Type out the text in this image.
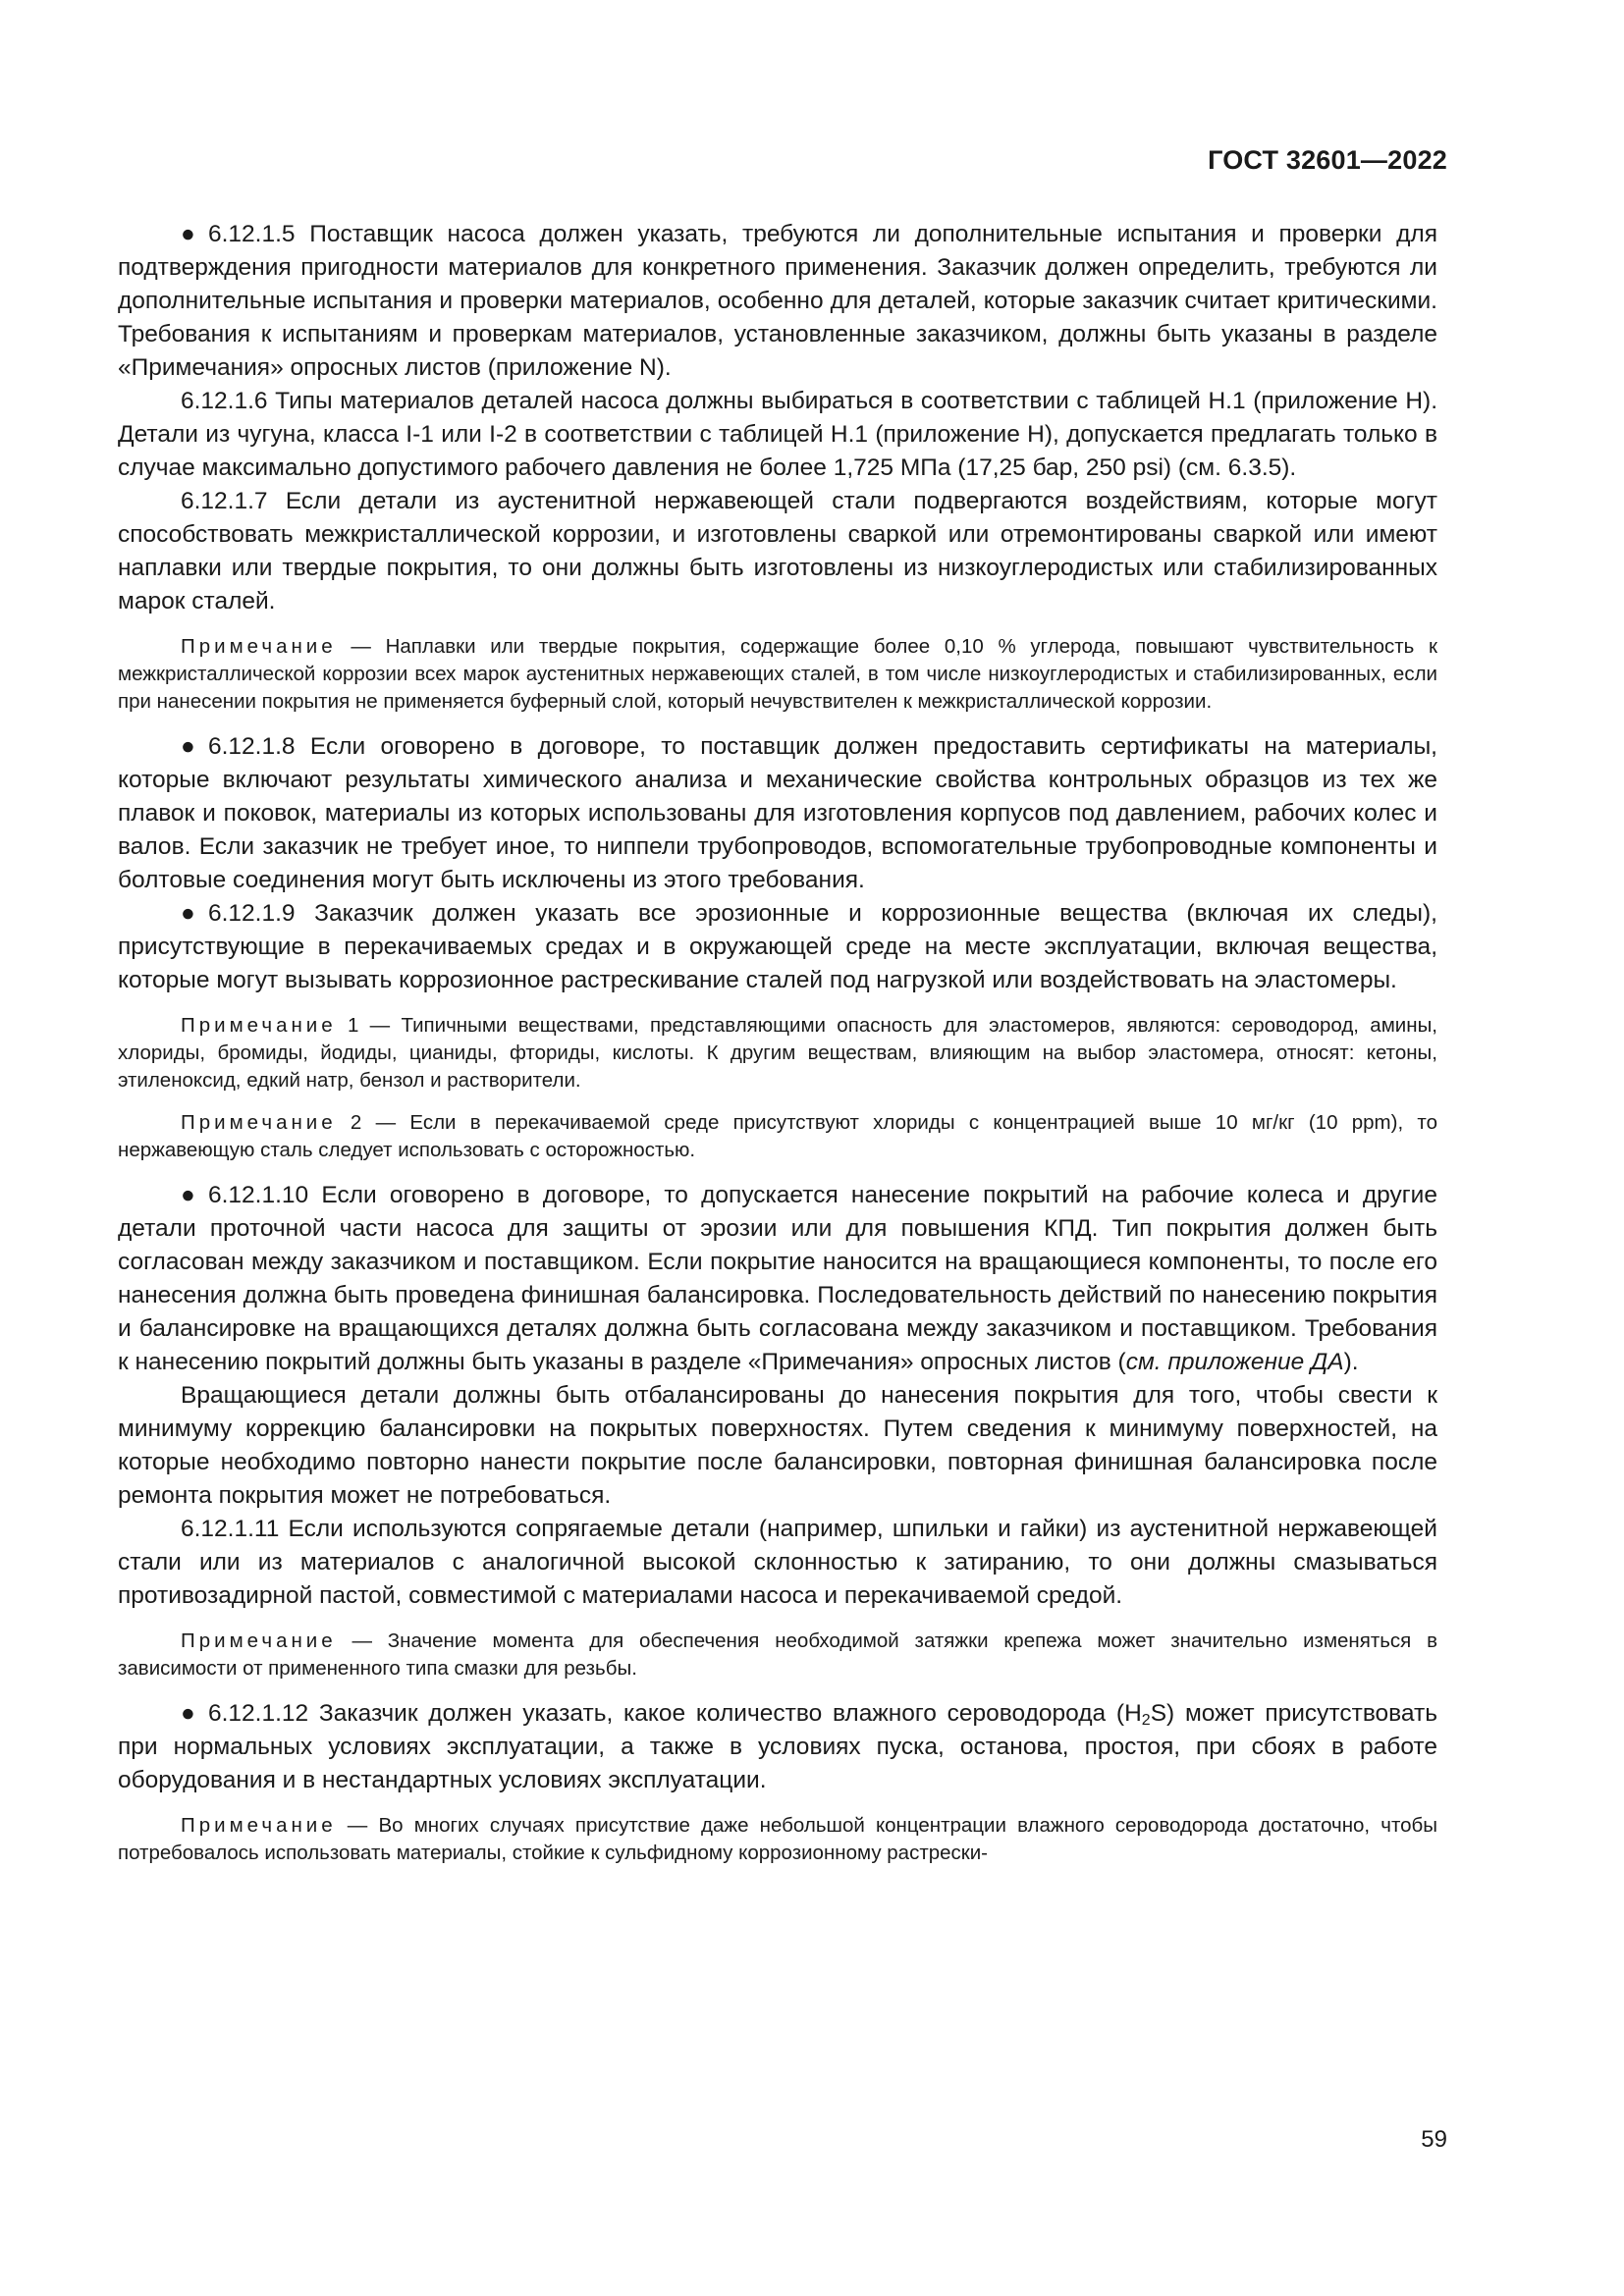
ГОСТ 32601—2022

● 6.12.1.5 Поставщик насоса должен указать, требуются ли дополнительные испытания и проверки для подтверждения пригодности материалов для конкретного применения. Заказчик должен определить, требуются ли дополнительные испытания и проверки материалов, особенно для деталей, которые заказчик считает критическими. Требования к испытаниям и проверкам материалов, установленные заказчиком, должны быть указаны в разделе «Примечания» опросных листов (приложение N).

6.12.1.6 Типы материалов деталей насоса должны выбираться в соответствии с таблицей Н.1 (приложение Н). Детали из чугуна, класса I-1 или I-2 в соответствии с таблицей Н.1 (приложение Н), допускается предлагать только в случае максимально допустимого рабочего давления не более 1,725 МПа (17,25 бар, 250 psi) (см. 6.3.5).

6.12.1.7 Если детали из аустенитной нержавеющей стали подвергаются воздействиям, которые могут способствовать межкристаллической коррозии, и изготовлены сваркой или отремонтированы сваркой или имеют наплавки или твердые покрытия, то они должны быть изготовлены из низкоуглеродистых или стабилизированных марок сталей.

Примечание — Наплавки или твердые покрытия, содержащие более 0,10 % углерода, повышают чувствительность к межкристаллической коррозии всех марок аустенитных нержавеющих сталей, в том числе низкоуглеродистых и стабилизированных, если при нанесении покрытия не применяется буферный слой, который нечувствителен к межкристаллической коррозии.

● 6.12.1.8 Если оговорено в договоре, то поставщик должен предоставить сертификаты на материалы, которые включают результаты химического анализа и механические свойства контрольных образцов из тех же плавок и поковок, материалы из которых использованы для изготовления корпусов под давлением, рабочих колес и валов. Если заказчик не требует иное, то ниппели трубопроводов, вспомогательные трубопроводные компоненты и болтовые соединения могут быть исключены из этого требования.

● 6.12.1.9 Заказчик должен указать все эрозионные и коррозионные вещества (включая их следы), присутствующие в перекачиваемых средах и в окружающей среде на месте эксплуатации, включая вещества, которые могут вызывать коррозионное растрескивание сталей под нагрузкой или воздействовать на эластомеры.

Примечание 1 — Типичными веществами, представляющими опасность для эластомеров, являются: сероводород, амины, хлориды, бромиды, йодиды, цианиды, фториды, кислоты. К другим веществам, влияющим на выбор эластомера, относят: кетоны, этиленоксид, едкий натр, бензол и растворители.

Примечание 2 — Если в перекачиваемой среде присутствуют хлориды с концентрацией выше 10 мг/кг (10 ppm), то нержавеющую сталь следует использовать с осторожностью.

● 6.12.1.10 Если оговорено в договоре, то допускается нанесение покрытий на рабочие колеса и другие детали проточной части насоса для защиты от эрозии или для повышения КПД. Тип покрытия должен быть согласован между заказчиком и поставщиком. Если покрытие наносится на вращающиеся компоненты, то после его нанесения должна быть проведена финишная балансировка. Последовательность действий по нанесению покрытия и балансировке на вращающихся деталях должна быть согласована между заказчиком и поставщиком. Требования к нанесению покрытий должны быть указаны в разделе «Примечания» опросных листов (см. приложение ДА).

Вращающиеся детали должны быть отбалансированы до нанесения покрытия для того, чтобы свести к минимуму коррекцию балансировки на покрытых поверхностях. Путем сведения к минимуму поверхностей, на которые необходимо повторно нанести покрытие после балансировки, повторная финишная балансировка после ремонта покрытия может не потребоваться.

6.12.1.11 Если используются сопрягаемые детали (например, шпильки и гайки) из аустенитной нержавеющей стали или из материалов с аналогичной высокой склонностью к затиранию, то они должны смазываться противозадирной пастой, совместимой с материалами насоса и перекачиваемой средой.

Примечание — Значение момента для обеспечения необходимой затяжки крепежа может значительно изменяться в зависимости от примененного типа смазки для резьбы.

● 6.12.1.12 Заказчик должен указать, какое количество влажного сероводорода $(H_2S)$ может присутствовать при нормальных условиях эксплуатации, а также в условиях пуска, останова, простоя, при сбоях в работе оборудования и в нестандартных условиях эксплуатации.

Примечание — Во многих случаях присутствие даже небольшой концентрации влажного сероводорода достаточно, чтобы потребовалось использовать материалы, стойкие к сульфидному коррозионному растрески-

59
